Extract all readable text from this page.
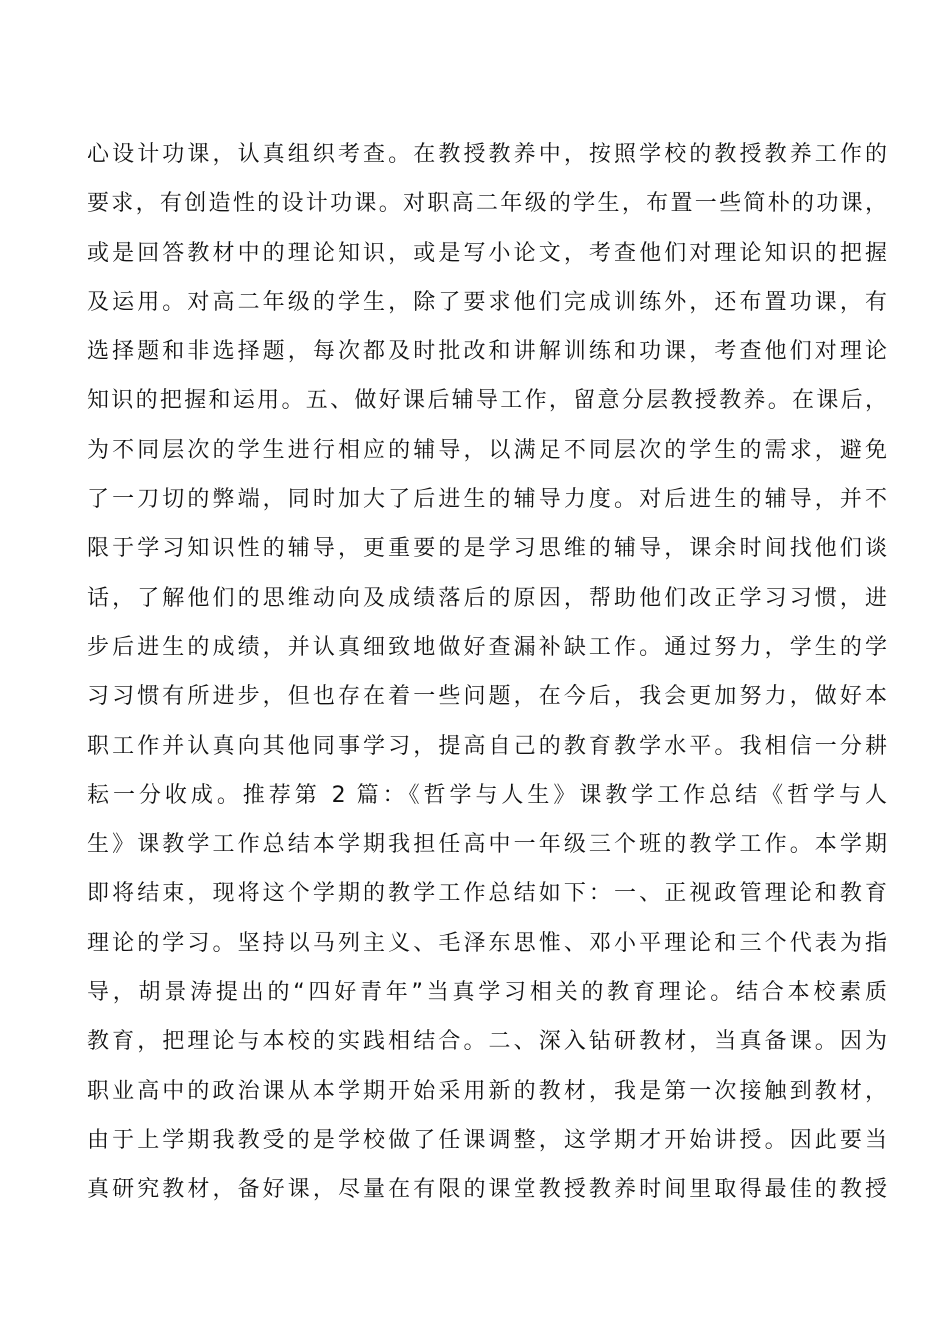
心设计功课，认真组织考查。在教授教养中，按照学校的教授教养工作的
要求，有创造性的设计功课。对职高二年级的学生，布置一些简朴的功课，
或是回答教材中的理论知识，或是写小论文，考查他们对理论知识的把握
及运用。对高二年级的学生，除了要求他们完成训练外，还布置功课，有
选择题和非选择题，每次都及时批改和讲解训练和功课，考查他们对理论
知识的把握和运用。五、做好课后辅导工作，留意分层教授教养。在课后，
为不同层次的学生进行相应的辅导，以满足不同层次的学生的需求，避免
了一刀切的弊端，同时加大了后进生的辅导力度。对后进生的辅导，并不
限于学习知识性的辅导，更重要的是学习思维的辅导，课余时间找他们谈
话，了解他们的思维动向及成绩落后的原因，帮助他们改正学习习惯，进
步后进生的成绩，并认真细致地做好查漏补缺工作。通过努力，学生的学
习习惯有所进步，但也存在着一些问题，在今后，我会更加努力，做好本
职工作并认真向其他同事学习，提高自己的教育教学水平。我相信一分耕
耘一分收成。推荐第 2 篇：《哲学与人生》课教学工作总结《哲学与人
生》课教学工作总结本学期我担任高中一年级三个班的教学工作。本学期
即将结束，现将这个学期的教学工作总结如下：一、正视政管理论和教育
理论的学习。坚持以马列主义、毛泽东思惟、邓小平理论和三个代表为指
导，胡景涛提出的“四好青年”当真学习相关的教育理论。结合本校素质
教育，把理论与本校的实践相结合。二、深入钻研教材，当真备课。因为
职业高中的政治课从本学期开始采用新的教材，我是第一次接触到教材，
由于上学期我教受的是学校做了任课调整，这学期才开始讲授。因此要当
真研究教材，备好课，尽量在有限的课堂教授教养时间里取得最佳的教授
